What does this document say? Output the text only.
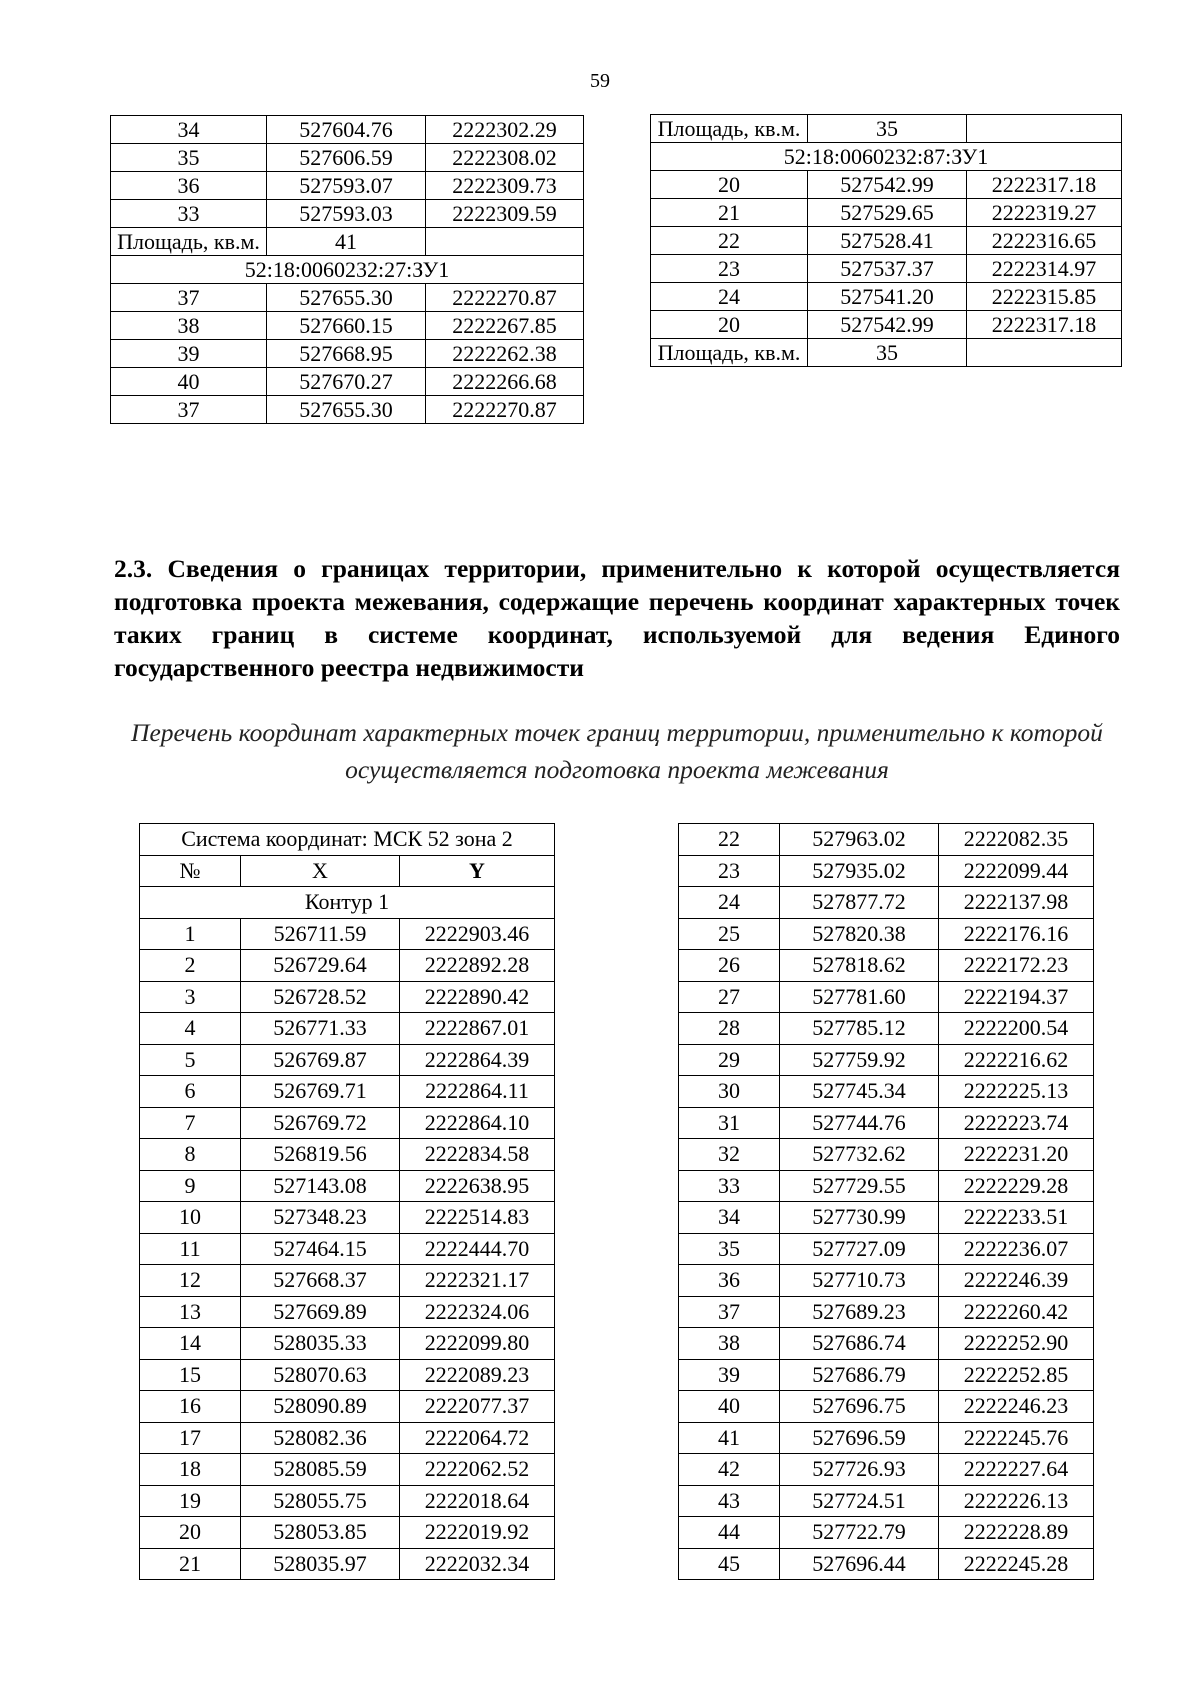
59
34	527604.76	2222302.29
35	527606.59	2222308.02
36	527593.07	2222309.73
33	527593.03	2222309.59
Площадь, кв.м.	41	
52:18:0060232:27:ЗУ1		
37	527655.30	2222270.87
38	527660.15	2222267.85
39	527668.95	2222262.38
40	527670.27	2222266.68
37	527655.30	2222270.87
Площадь, кв.м.	35	
52:18:0060232:87:ЗУ1		
20	527542.99	2222317.18
21	527529.65	2222319.27
22	527528.41	2222316.65
23	527537.37	2222314.97
24	527541.20	2222315.85
20	527542.99	2222317.18
Площадь, кв.м.	35	
2.3. Сведения о границах территории, применительно к которой осуществляется подготовка проекта межевания, содержащие перечень координат характерных точек таких границ в системе координат, используемой для ведения Единого государственного реестра недвижимости
Перечень координат характерных точек границ территории, применительно к которой осуществляется подготовка проекта межевания
Система координат: МСК 52 зона 2		
№	X	Y
Контур 1		
1	526711.59	2222903.46
2	526729.64	2222892.28
3	526728.52	2222890.42
4	526771.33	2222867.01
5	526769.87	2222864.39
6	526769.71	2222864.11
7	526769.72	2222864.10
8	526819.56	2222834.58
9	527143.08	2222638.95
10	527348.23	2222514.83
11	527464.15	2222444.70
12	527668.37	2222321.17
13	527669.89	2222324.06
14	528035.33	2222099.80
15	528070.63	2222089.23
16	528090.89	2222077.37
17	528082.36	2222064.72
18	528085.59	2222062.52
19	528055.75	2222018.64
20	528053.85	2222019.92
21	528035.97	2222032.34
22	527963.02	2222082.35
23	527935.02	2222099.44
24	527877.72	2222137.98
25	527820.38	2222176.16
26	527818.62	2222172.23
27	527781.60	2222194.37
28	527785.12	2222200.54
29	527759.92	2222216.62
30	527745.34	2222225.13
31	527744.76	2222223.74
32	527732.62	2222231.20
33	527729.55	2222229.28
34	527730.99	2222233.51
35	527727.09	2222236.07
36	527710.73	2222246.39
37	527689.23	2222260.42
38	527686.74	2222252.90
39	527686.79	2222252.85
40	527696.75	2222246.23
41	527696.59	2222245.76
42	527726.93	2222227.64
43	527724.51	2222226.13
44	527722.79	2222228.89
45	527696.44	2222245.28
